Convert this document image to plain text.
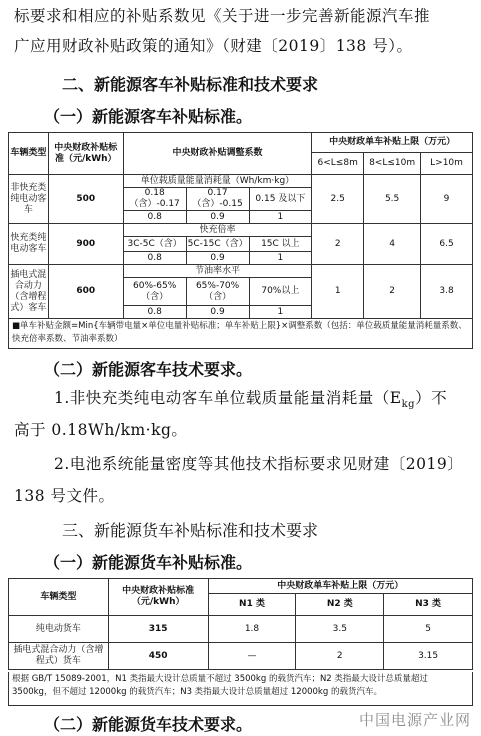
标要求和相应的补贴系数见《关于进一步完善新能源汽车推
广应用财政补贴政策的通知》（财建〔2019〕138 号）。
二、新能源客车补贴标准和技术要求
（一）新能源客车补贴标准。
车辆类型	中央财政补贴标准（元/kWh）	中央财政补贴调整系数			中央财政单车补贴上限（万元）		
					6<L≤8m	8<L≤10m	L>10m
非快充类纯电动客车	500	单位载质量能量消耗量（Wh/km·kg）			2.5	5.5	9
		0.18（含）-0.17	0.17（含）-0.15	0.15 及以下			
		0.8	0.9	1			
快充类纯电动客车	900	快充倍率			2	4	6.5
		3C-5C（含）	5C-15C（含）	15C 以上			
		0.8	0.9	1			
插电式混合动力（含增程式）客车	600	节油率水平			1	2	3.8
		60%-65%（含）	65%-70%（含）	70%以上			
		0.8	0.9	1			
■单车补贴金额=Min{车辆带电量×单位电量补贴标准；单车补贴上限}×调整系数（包括：单位载质量能量消耗量系数、快充倍率系数、节油率系数）
（二）新能源客车技术要求。
1.非快充类纯电动客车单位载质量能量消耗量$(E_{kg})$不
高于 0.18Wh/km·kg。
2.电池系统能量密度等其他技术指标要求见财建〔2019〕
138 号文件。
三、新能源货车补贴标准和技术要求
（一）新能源货车补贴标准。
车辆类型	中央财政补贴标准（元/kWh）	中央财政单车补贴上限（万元）		
		N1 类	N2 类	N3 类
纯电动货车	315	1.8	3.5	5
插电式混合动力（含增程式）货车	450	—	2	3.15
根据 GB/T 15089-2001，N1 类指最大设计总质量不超过 3500kg 的载货汽车；N2 类指最大设计总质量超过 3500kg，但不超过 12000kg 的载货汽车；N3 类指最大设计总质量超过 12000kg 的载货汽车。
（二）新能源货车技术要求。	中国电源产业网
